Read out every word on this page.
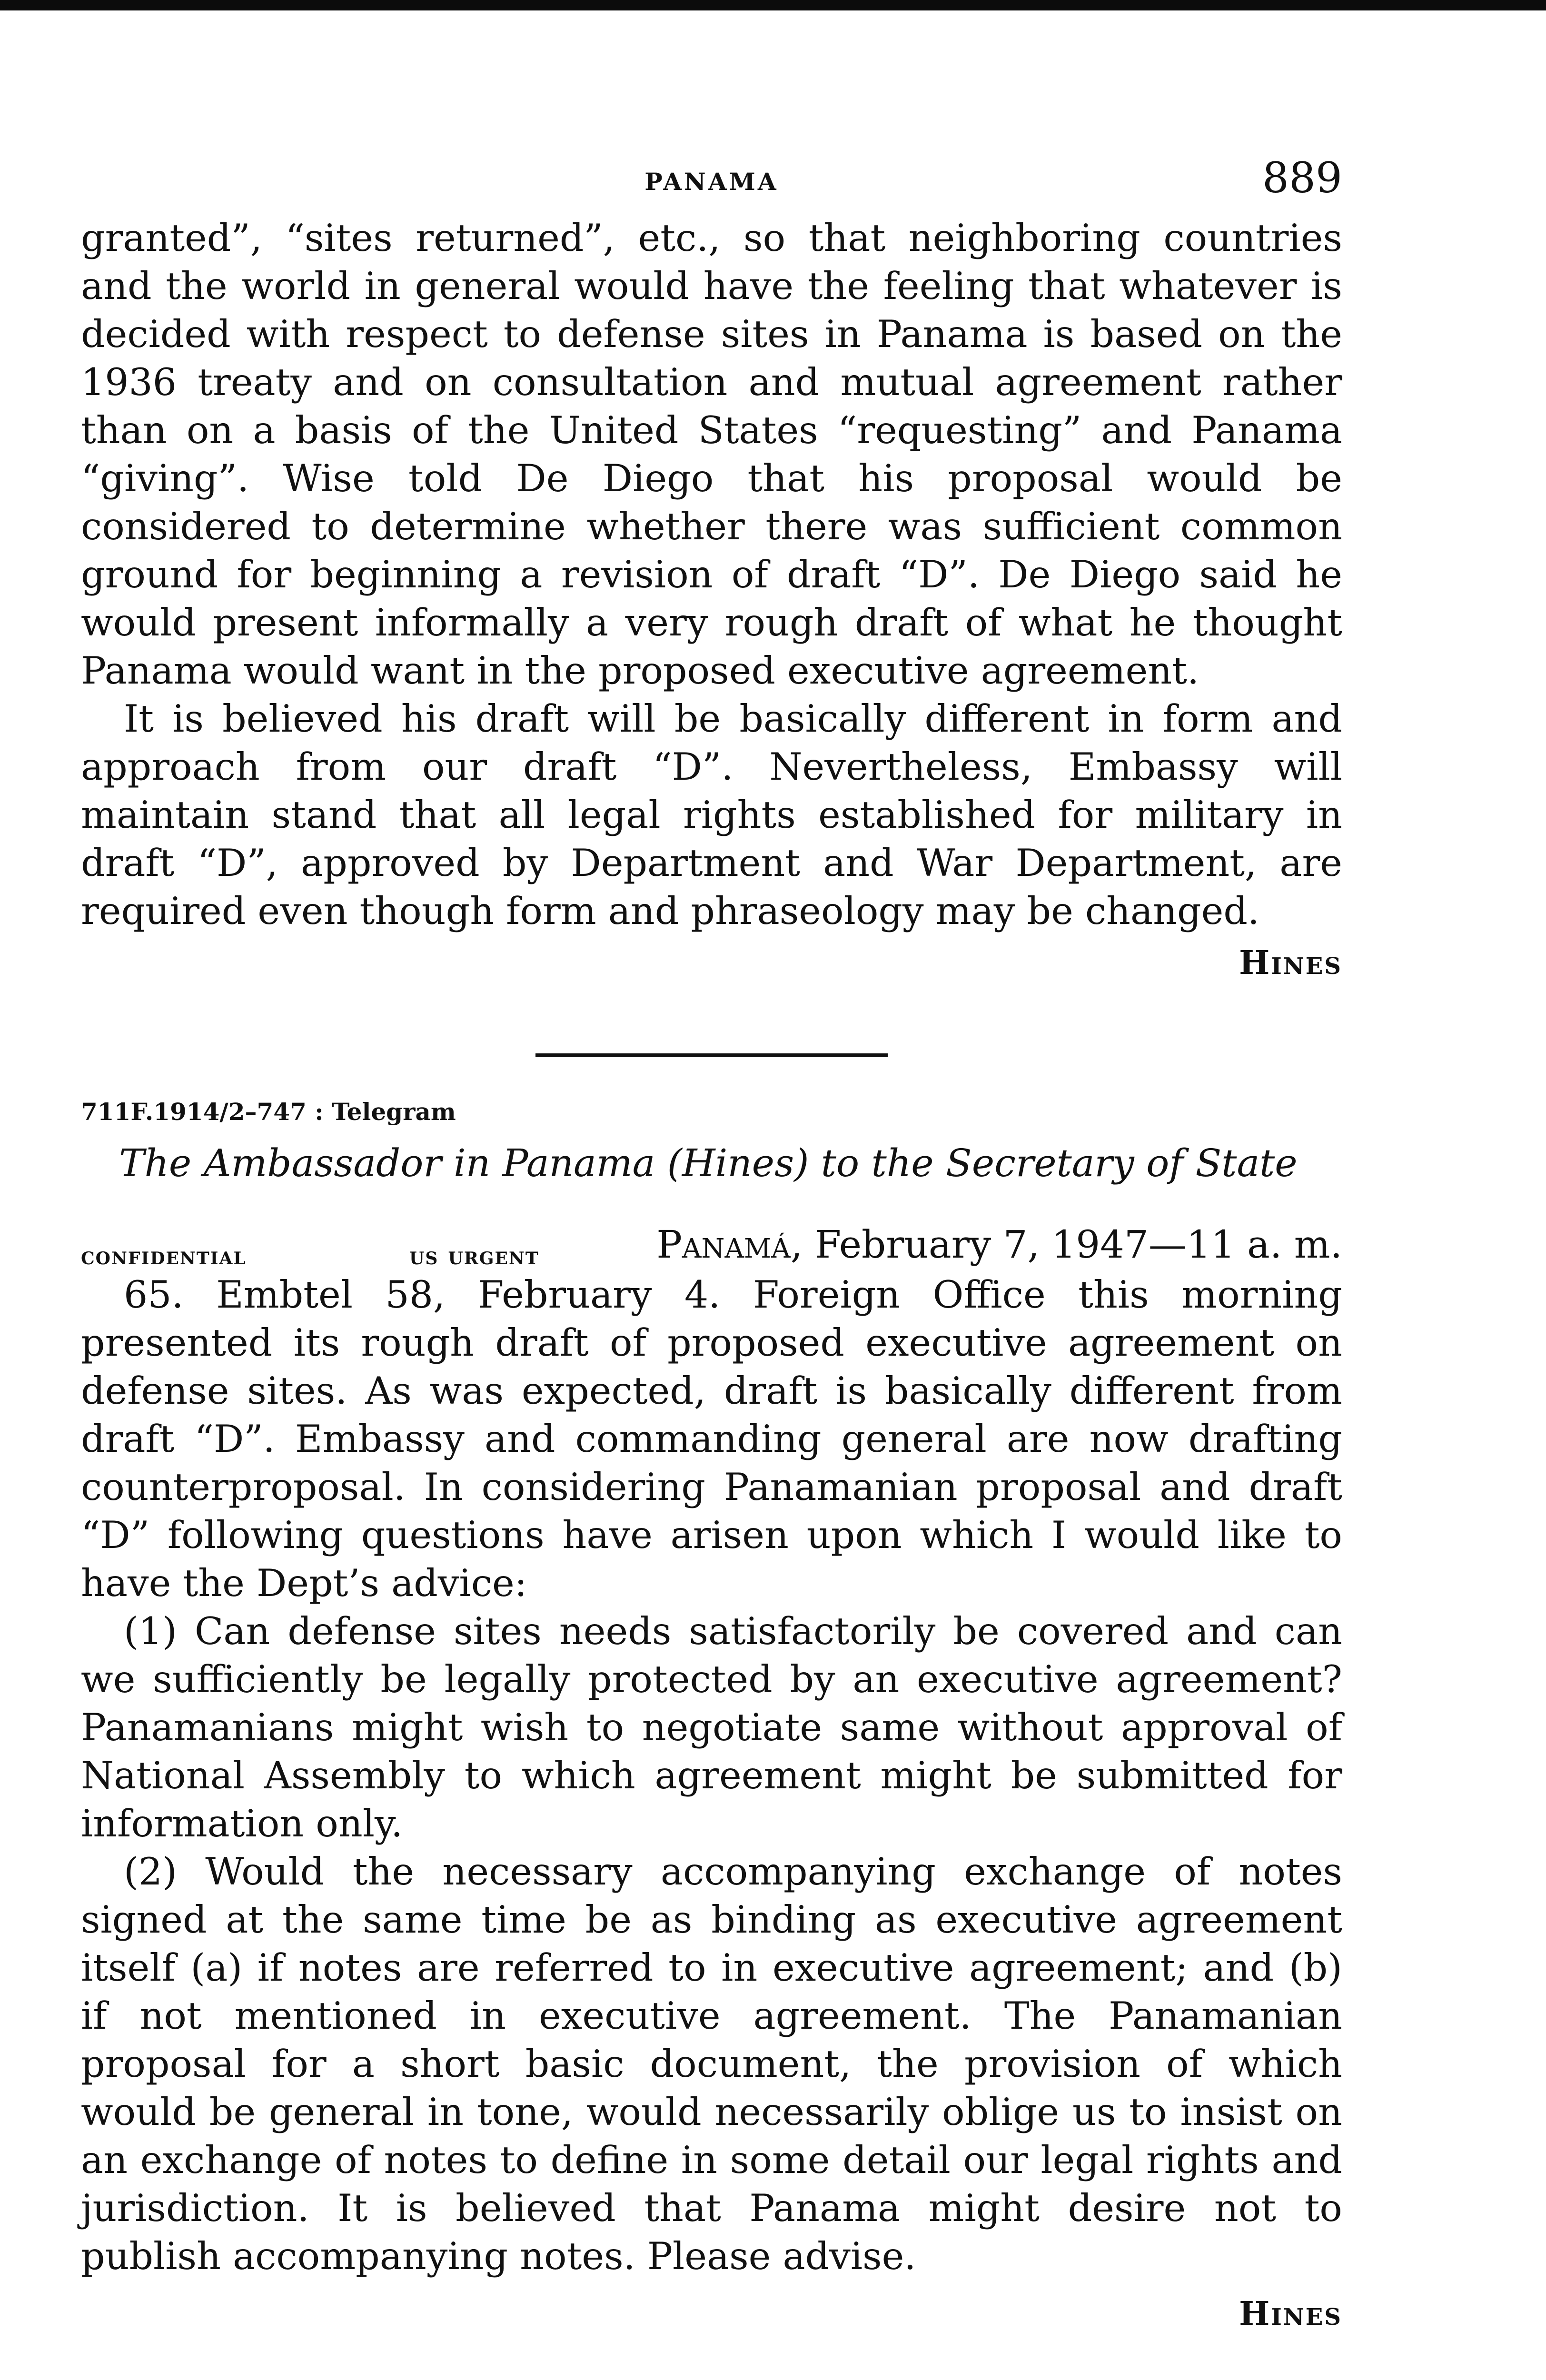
PANAMA	889

granted”, “sites returned”, etc., so that neighboring countries and the world in general would have the feeling that whatever is decided with respect to defense sites in Panama is based on the 1936 treaty and on consultation and mutual agreement rather than on a basis of the United States “requesting” and Panama “giving”. Wise told De Diego that his proposal would be considered to determine whether there was sufficient common ground for beginning a revision of draft “D”. De Diego said he would present informally a very rough draft of what he thought Panama would want in the proposed executive agreement.

It is believed his draft will be basically different in form and approach from our draft “D”. Nevertheless, Embassy will maintain stand that all legal rights established for military in draft “D”, approved by Department and War Department, are required even though form and phraseology may be changed.

Hines

711F.1914/2–747 : Telegram

The Ambassador in Panama (Hines) to the Secretary of State

confidential	us urgent	Panamá, February 7, 1947—11 a. m.

65. Embtel 58, February 4. Foreign Office this morning presented its rough draft of proposed executive agreement on defense sites. As was expected, draft is basically different from draft “D”. Embassy and commanding general are now drafting counterproposal. In considering Panamanian proposal and draft “D” following questions have arisen upon which I would like to have the Dept’s advice:

(1) Can defense sites needs satisfactorily be covered and can we sufficiently be legally protected by an executive agreement? Panamanians might wish to negotiate same without approval of National Assembly to which agreement might be submitted for information only.

(2) Would the necessary accompanying exchange of notes signed at the same time be as binding as executive agreement itself (a) if notes are referred to in executive agreement; and (b) if not mentioned in executive agreement. The Panamanian proposal for a short basic document, the provision of which would be general in tone, would necessarily oblige us to insist on an exchange of notes to define in some detail our legal rights and jurisdiction. It is believed that Panama might desire not to publish accompanying notes. Please advise.

Hines
